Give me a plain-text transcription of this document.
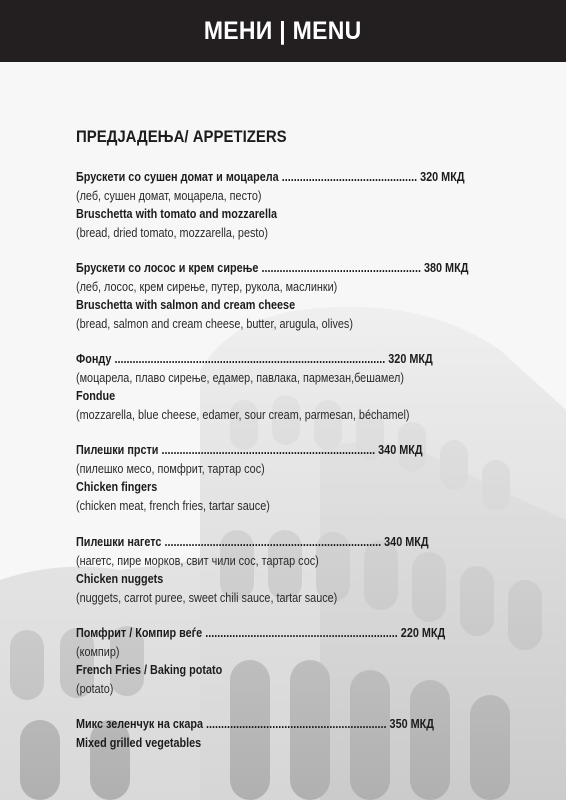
МЕНИ | MENU
ПРЕДЈАДЕЊА/ APPETIZERS
Брускети со сушен домат и моцарела ............................................. 320 МКД
(леб, сушен домат, моцарела, песто)
Bruschetta with tomato and mozzarella
(bread, dried tomato, mozzarella, pesto)
Брускети со лосос и крем сирење ..................................................... 380 МКД
(леб, лосос, крем сирење, путер, рукола, маслинки)
Bruschetta with salmon and cream cheese
(bread, salmon and cream cheese, butter, arugula, olives)
Фонду .......................................................................................... 320 МКД
(моцарела, плаво сирење, едамер, павлака, пармезан,бешамел)
Fondue
(mozzarella, blue cheese, edamer, sour cream, parmesan, béchamel)
Пилешки прсти ....................................................................... 340 МКД
(пилешко месо, помфрит, тартар сос)
Chicken fingers
(chicken meat, french fries, tartar sauce)
Пилешки нагетс ........................................................................ 340 МКД
(нагетс, пире морков, свит чили сос, тартар сос)
Chicken nuggets
(nuggets, carrot puree, sweet chili sauce, tartar sauce)
Помфрит / Компир веѓе ................................................................ 220 МКД
(компир)
French Fries / Baking potato
(potato)
Микс зеленчук на скара ............................................................ 350 МКД
Mixed grilled vegetables
